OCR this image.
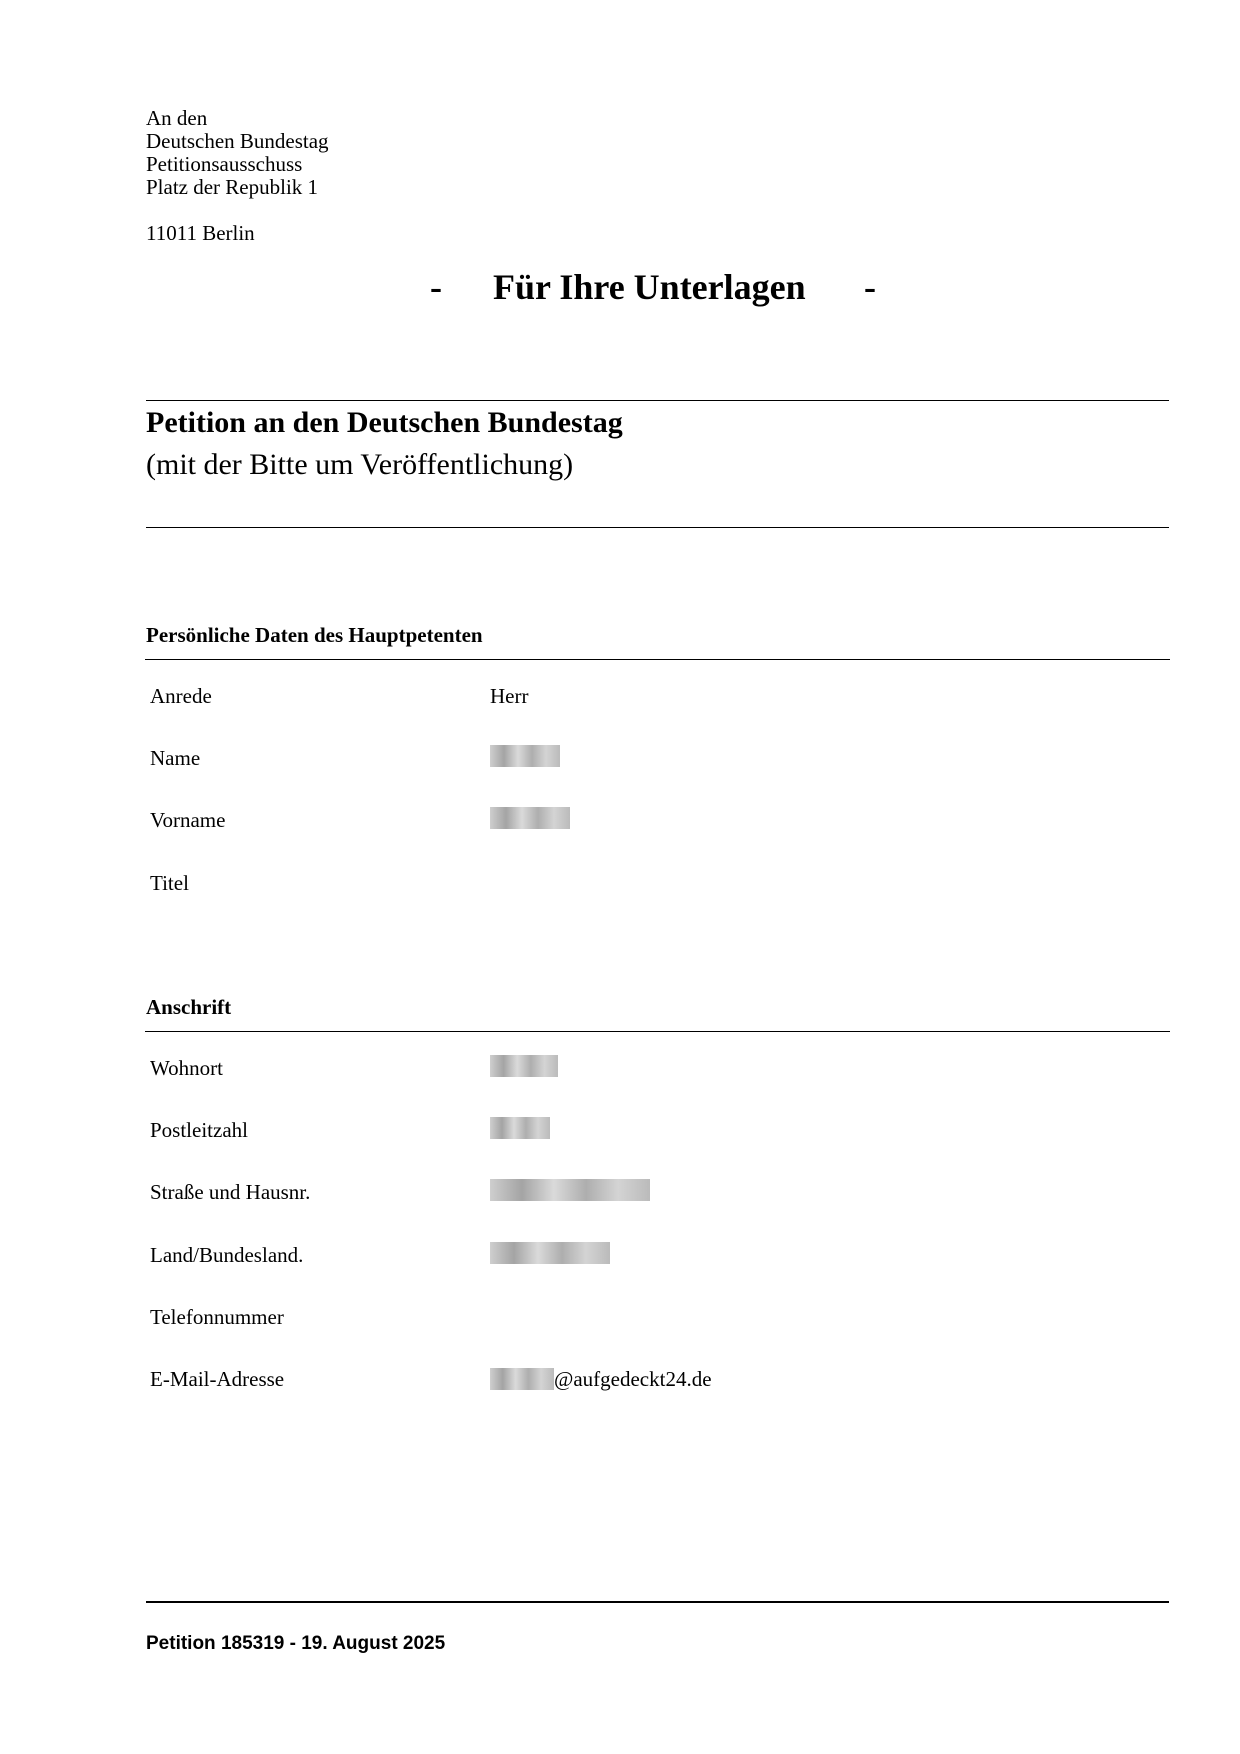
An den
Deutschen Bundestag
Petitionsausschuss
Platz der Republik 1
11011 Berlin
- Für Ihre Unterlagen -
Petition an den Deutschen Bundestag
(mit der Bitte um Veröffentlichung)
Persönliche Daten des Hauptpetenten
Anrede	Herr
Name
Vorname
Titel
Anschrift
Wohnort
Postleitzahl
Straße und Hausnr.
Land/Bundesland.
Telefonnummer
E-Mail-Adresse	@aufgedeckt24.de
Petition 185319 - 19. August 2025
